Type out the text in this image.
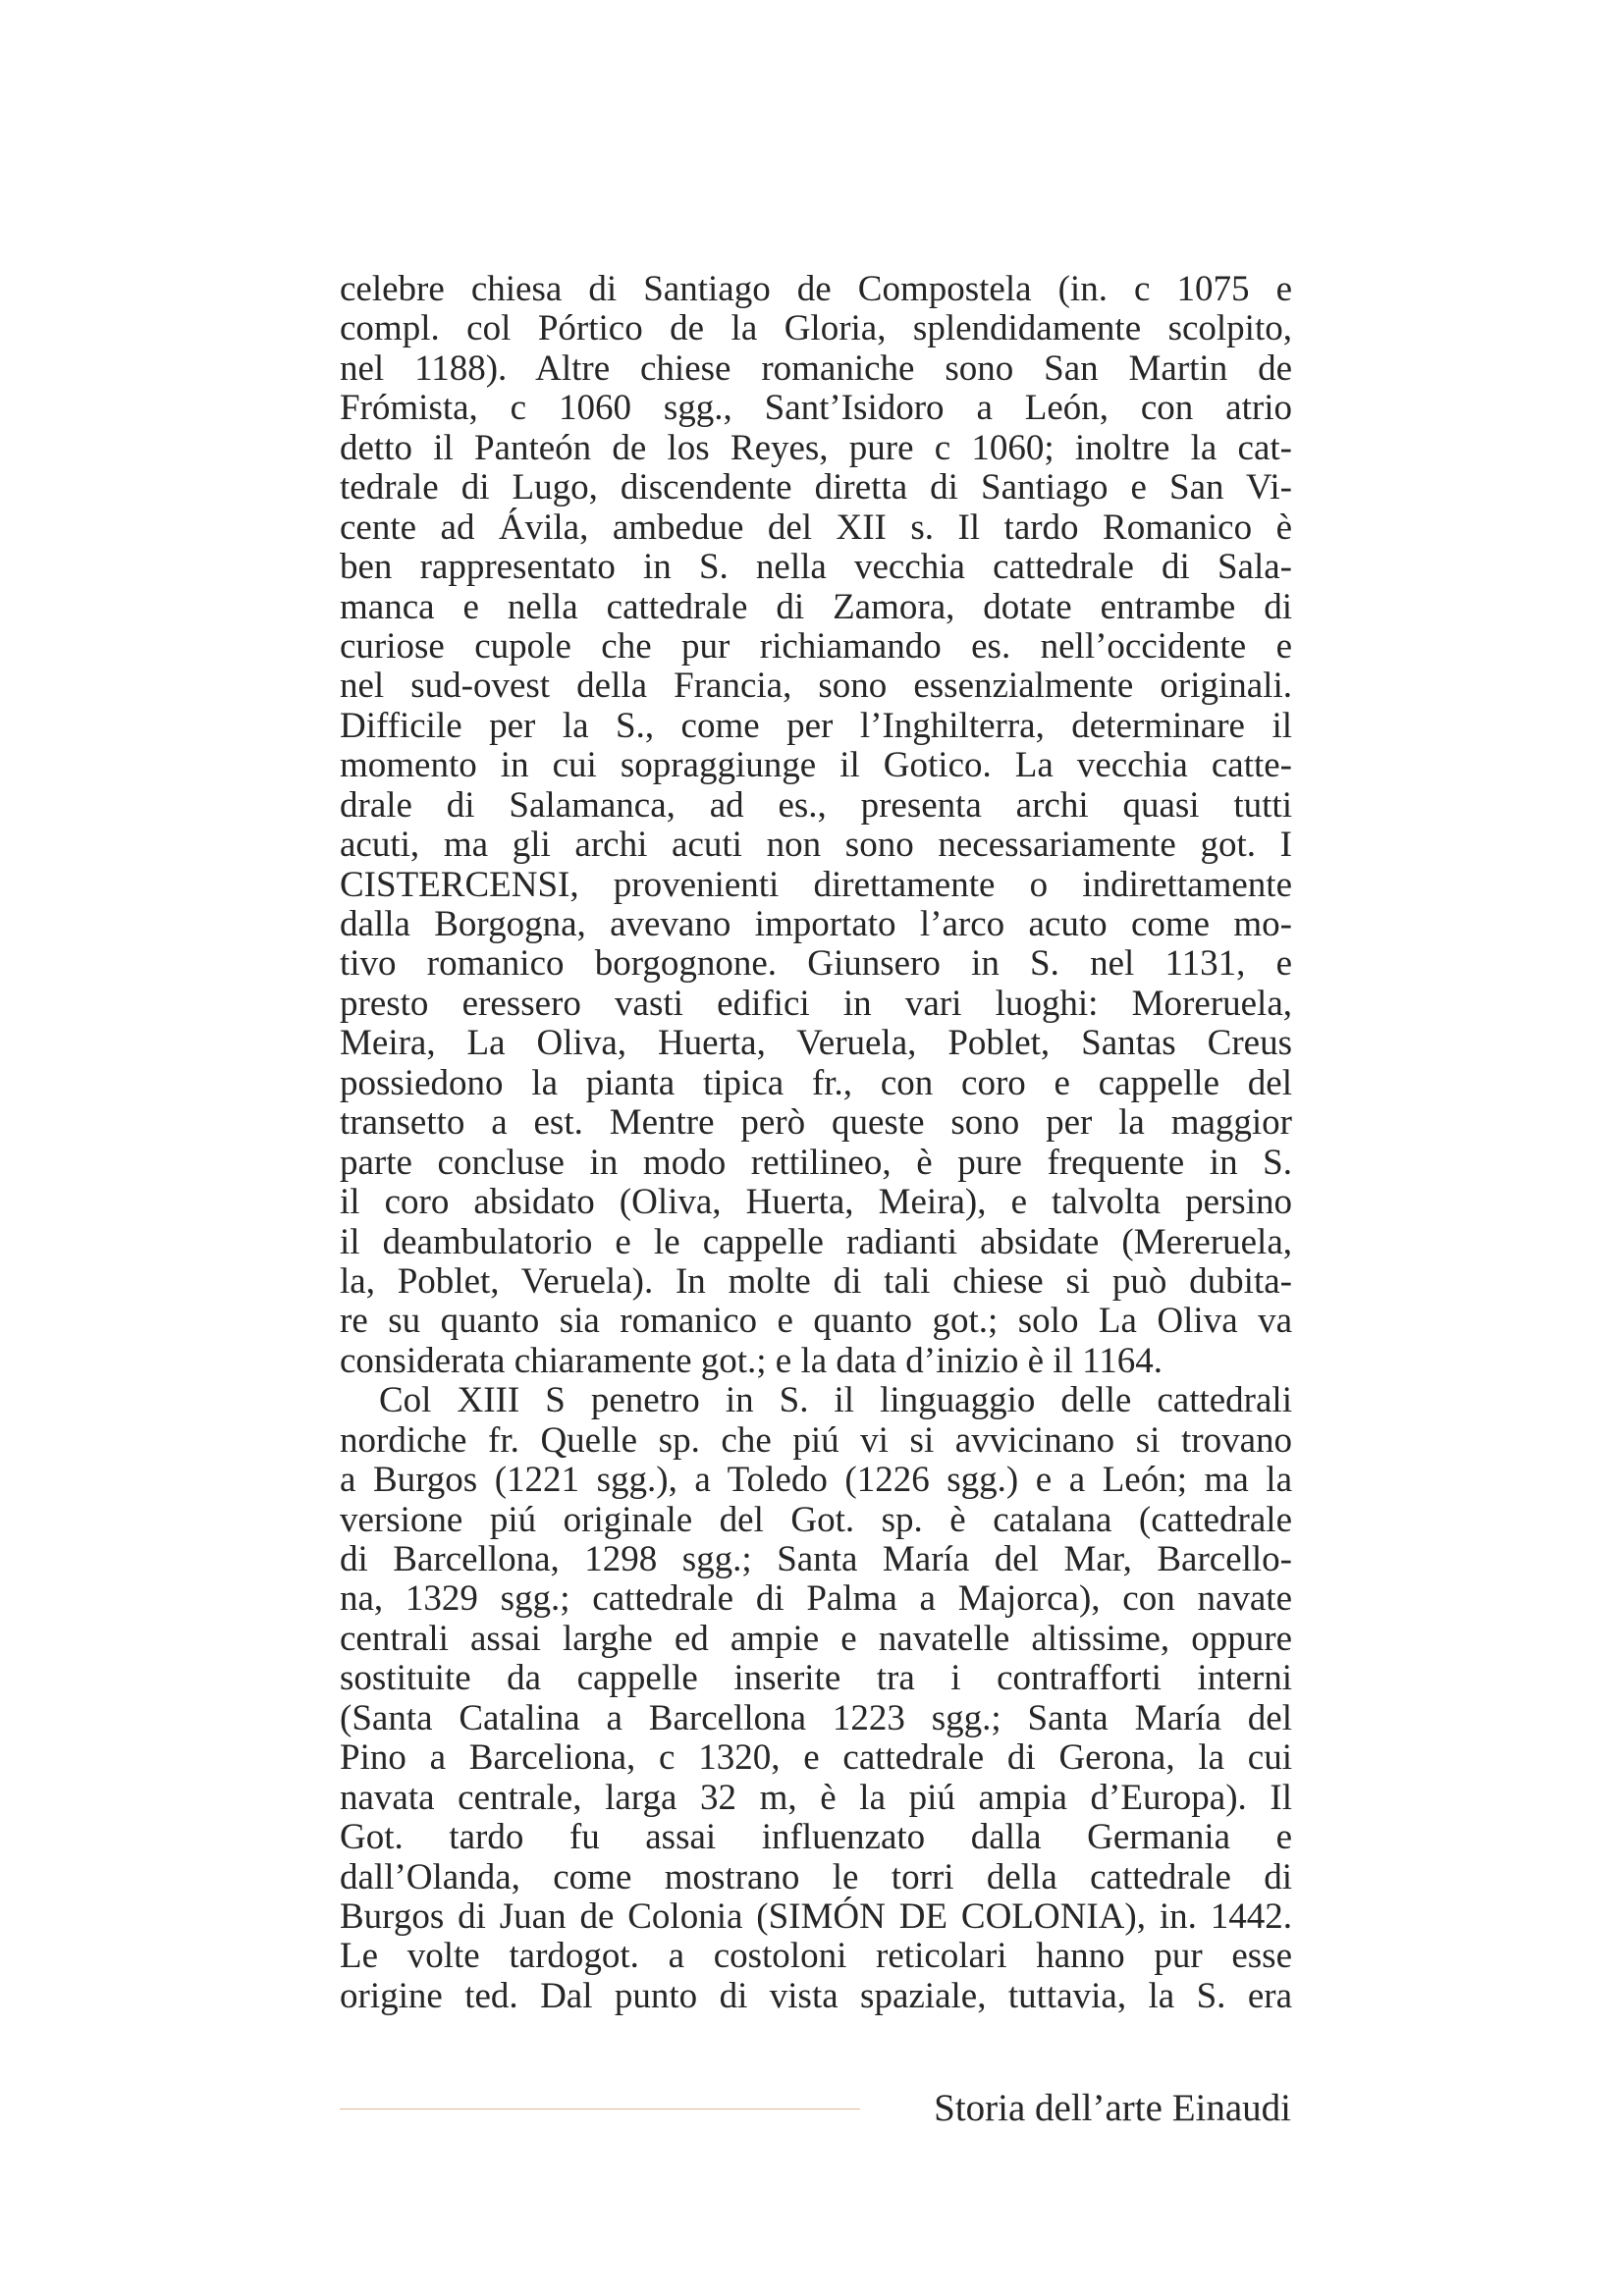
celebre chiesa di Santiago de Compostela (in. c 1075 e
compl. col Pórtico de la Gloria, splendidamente scolpito,
nel 1188). Altre chiese romaniche sono San Martin de
Frómista, c 1060 sgg., Sant’Isidoro a León, con atrio
detto il Panteón de los Reyes, pure c 1060; inoltre la cat-
tedrale di Lugo, discendente diretta di Santiago e San Vi-
cente ad Ávila, ambedue del XII s. Il tardo Romanico è
ben rappresentato in S. nella vecchia cattedrale di Sala-
manca e nella cattedrale di Zamora, dotate entrambe di
curiose cupole che pur richiamando es. nell’occidente e
nel sud-ovest della Francia, sono essenzialmente originali.
Difficile per la S., come per l’Inghilterra, determinare il
momento in cui sopraggiunge il Gotico. La vecchia catte-
drale di Salamanca, ad es., presenta archi quasi tutti
acuti, ma gli archi acuti non sono necessariamente got. I
CISTERCENSI, provenienti direttamente o indirettamente
dalla Borgogna, avevano importato l’arco acuto come mo-
tivo romanico borgognone. Giunsero in S. nel 1131, e
presto eressero vasti edifici in vari luoghi: Moreruela,
Meira, La Oliva, Huerta, Veruela, Poblet, Santas Creus
possiedono la pianta tipica fr., con coro e cappelle del
transetto a est. Mentre però queste sono per la maggior
parte concluse in modo rettilineo, è pure frequente in S.
il coro absidato (Oliva, Huerta, Meira), e talvolta persino
il deambulatorio e le cappelle radianti absidate (Mereruela,
la, Poblet, Veruela). In molte di tali chiese si può dubita-
re su quanto sia romanico e quanto got.; solo La Oliva va
considerata chiaramente got.; e la data d’inizio è il 1164.
Col XIII S penetro in S. il linguaggio delle cattedrali
nordiche fr. Quelle sp. che piú vi si avvicinano si trovano
a Burgos (1221 sgg.), a Toledo (1226 sgg.) e a León; ma la
versione piú originale del Got. sp. è catalana (cattedrale
di Barcellona, 1298 sgg.; Santa María del Mar, Barcello-
na, 1329 sgg.; cattedrale di Palma a Majorca), con navate
centrali assai larghe ed ampie e navatelle altissime, oppure
sostituite da cappelle inserite tra i contrafforti interni
(Santa Catalina a Barcellona 1223 sgg.; Santa María del
Pino a Barceliona, c 1320, e cattedrale di Gerona, la cui
navata centrale, larga 32 m, è la piú ampia d’Europa). Il
Got. tardo fu assai influenzato dalla Germania e
dall’Olanda, come mostrano le torri della cattedrale di
Burgos di Juan de Colonia (SIMÓN DE COLONIA), in. 1442.
Le volte tardogot. a costoloni reticolari hanno pur esse
origine ted. Dal punto di vista spaziale, tuttavia, la S. era
Storia dell’arte Einaudi
